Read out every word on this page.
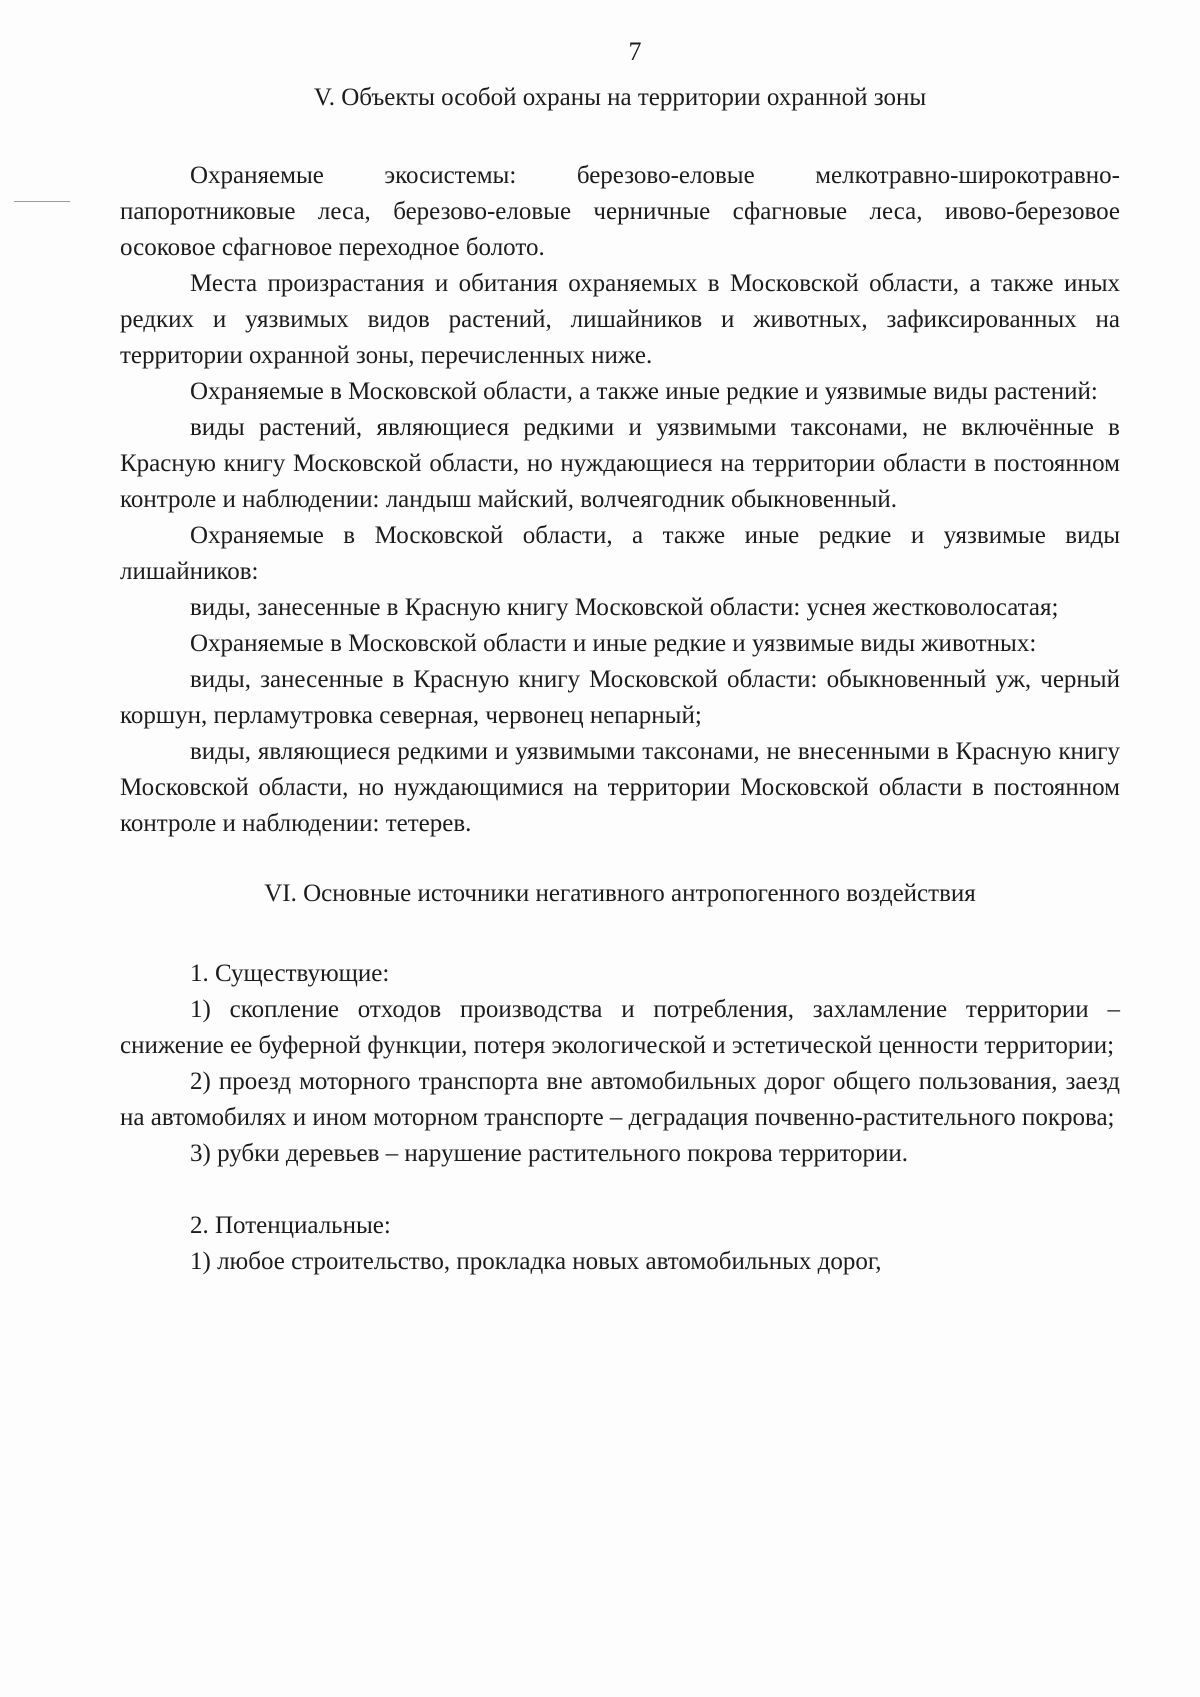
7
V. Объекты особой охраны на территории охранной зоны

Охраняемые экосистемы: березово-еловые мелкотравно-широкотравно-папоротниковые леса, березово-еловые черничные сфагновые леса, ивово-березовое осоковое сфагновое переходное болото.

Места произрастания и обитания охраняемых в Московской области, а также иных редких и уязвимых видов растений, лишайников и животных, зафиксированных на территории охранной зоны, перечисленных ниже.

Охраняемые в Московской области, а также иные редкие и уязвимые виды растений:

виды растений, являющиеся редкими и уязвимыми таксонами, не включённые в Красную книгу Московской области, но нуждающиеся на территории области в постоянном контроле и наблюдении: ландыш майский, волчеягодник обыкновенный.

Охраняемые в Московской области, а также иные редкие и уязвимые виды лишайников:

виды, занесенные в Красную книгу Московской области: уснея жестковолосатая;

Охраняемые в Московской области и иные редкие и уязвимые виды животных:

виды, занесенные в Красную книгу Московской области: обыкновенный уж, черный коршун, перламутровка северная, червонец непарный;

виды, являющиеся редкими и уязвимыми таксонами, не внесенными в Красную книгу Московской области, но нуждающимися на территории Московской области в постоянном контроле и наблюдении: тетерев.

VI. Основные источники негативного антропогенного воздействия

1. Существующие:

1) скопление отходов производства и потребления, захламление территории – снижение ее буферной функции, потеря экологической и эстетической ценности территории;

2) проезд моторного транспорта вне автомобильных дорог общего пользования, заезд на автомобилях и ином моторном транспорте – деградация почвенно-растительного покрова;

3) рубки деревьев – нарушение растительного покрова территории.

2. Потенциальные:

1) любое строительство, прокладка новых автомобильных дорог,
